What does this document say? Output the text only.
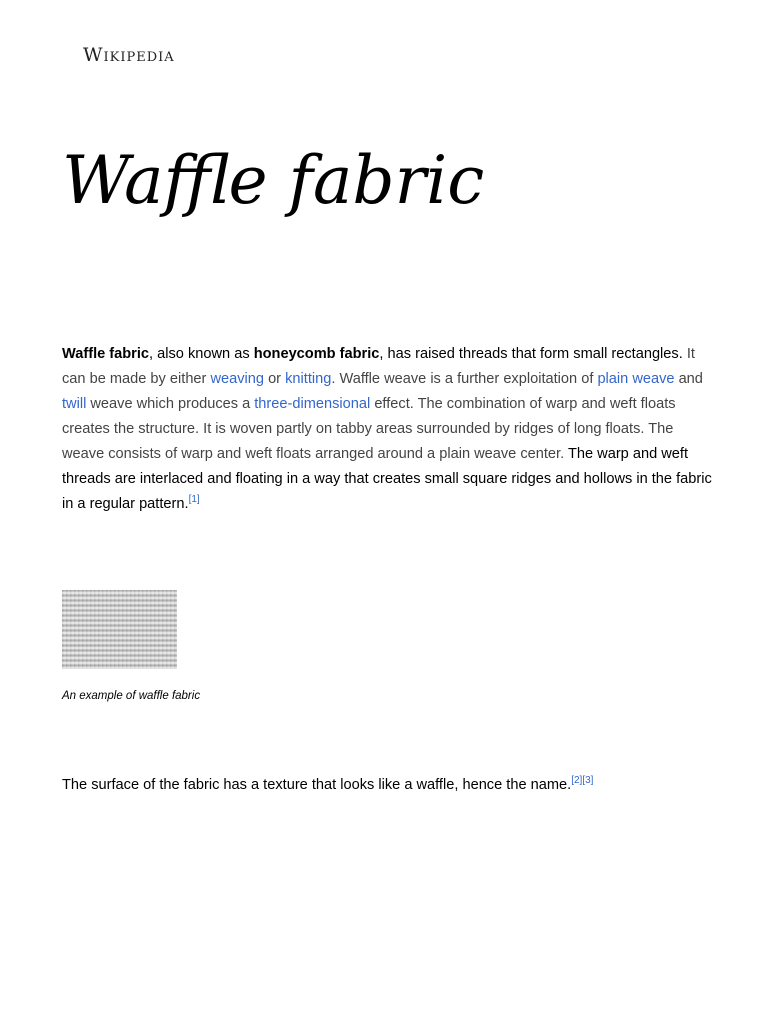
Wikipedia
Waffle fabric

Waffle fabric, also known as honeycomb fabric, has raised threads that form small rectangles. It can be made by either weaving or knitting. Waffle weave is a further exploitation of plain weave and twill weave which produces a three-dimensional effect. The combination of warp and weft floats creates the structure. It is woven partly on tabby areas surrounded by ridges of long floats. The weave consists of warp and weft floats arranged around a plain weave center. The warp and weft threads are interlaced and floating in a way that creates small square ridges and hollows in the fabric in a regular pattern.[1]

An example of waffle fabric

The surface of the fabric has a texture that looks like a waffle, hence the name.[2][3]
